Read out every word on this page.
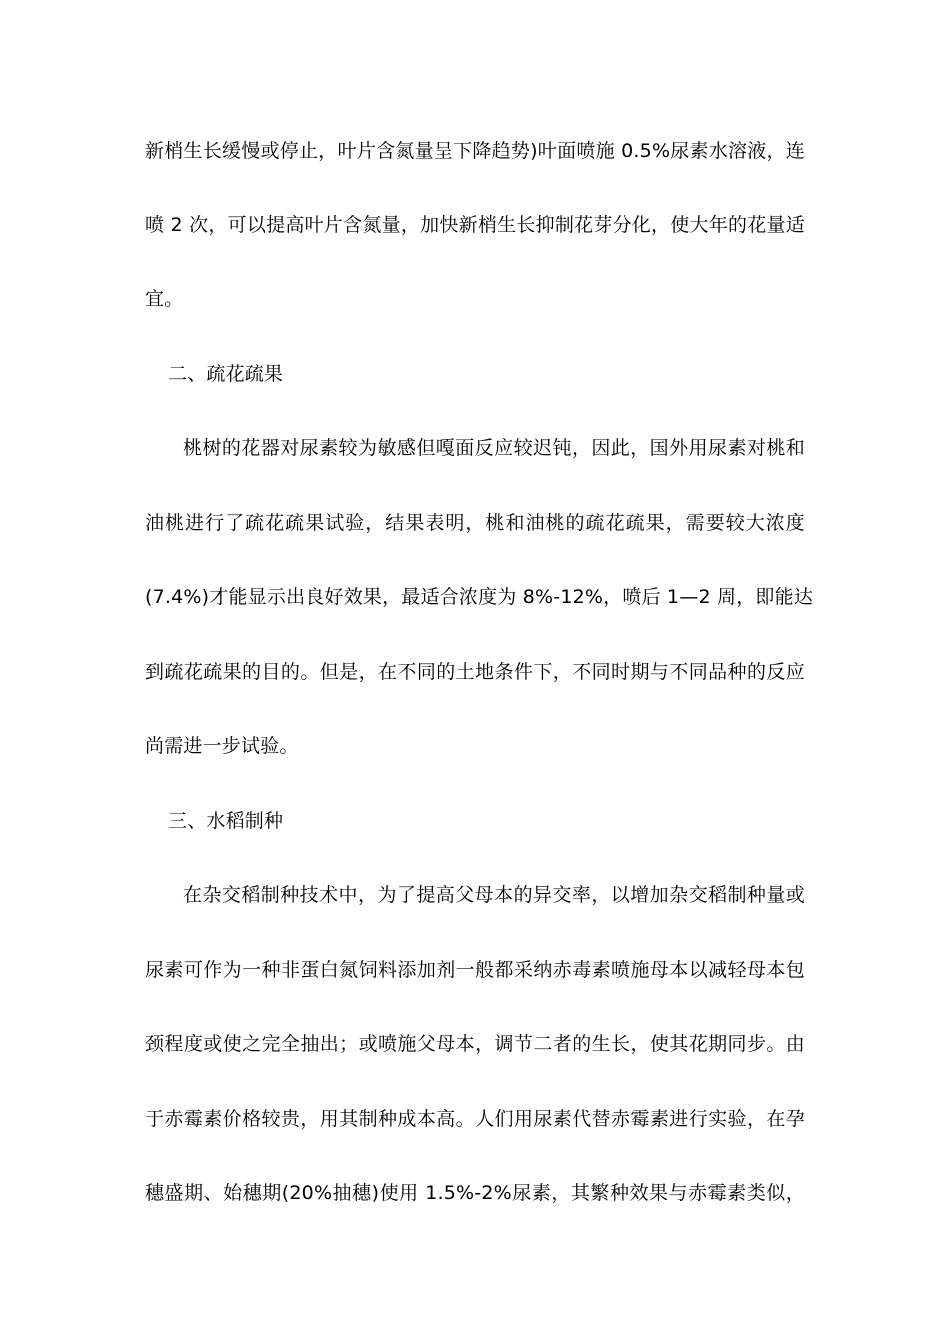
新梢生长缓慢或停止，叶片含氮量呈下降趋势)叶面喷施 0.5%尿素水溶液，连
喷 2 次，可以提高叶片含氮量，加快新梢生长抑制花芽分化，使大年的花量适
宜。
二、疏花疏果
桃树的花器对尿素较为敏感但嘎面反应较迟钝，因此，国外用尿素对桃和
油桃进行了疏花疏果试验，结果表明，桃和油桃的疏花疏果，需要较大浓度
(7.4%)才能显示出良好效果，最适合浓度为 8%-12%，喷后 1—2 周，即能达
到疏花疏果的目的。但是，在不同的土地条件下，不同时期与不同品种的反应
尚需进一步试验。
三、水稻制种
在杂交稻制种技术中，为了提高父母本的异交率，以增加杂交稻制种量或
尿素可作为一种非蛋白氮饲料添加剂一般都采纳赤毒素喷施母本以减轻母本包
颈程度或使之完全抽出；或喷施父母本，调节二者的生长，使其花期同步。由
于赤霉素价格较贵，用其制种成本高。人们用尿素代替赤霉素进行实验，在孕
穗盛期、始穗期(20%抽穗)使用 1.5%-2%尿素，其繁种效果与赤霉素类似，
